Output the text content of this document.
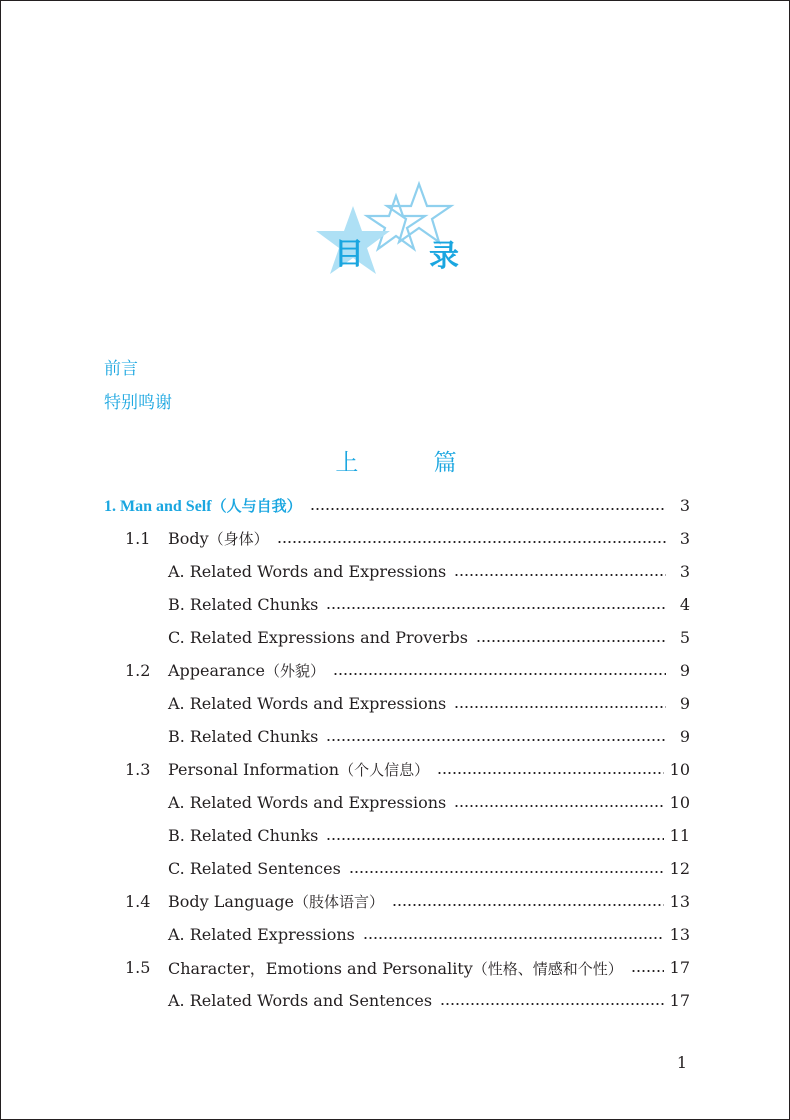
目 录
前言
特别鸣谢
上 篇
1. Man and Self（人与自我）	3
1.1	Body（身体）	3
A. Related Words and Expressions	3
B. Related Chunks	4
C. Related Expressions and Proverbs	5
1.2	Appearance（外貌）	9
A. Related Words and Expressions	9
B. Related Chunks	9
1.3	Personal Information（个人信息）	10
A. Related Words and Expressions	10
B. Related Chunks	11
C. Related Sentences	12
1.4	Body Language（肢体语言）	13
A. Related Expressions	13
1.5	Character，Emotions and Personality（性格、情感和个性）	17
A. Related Words and Sentences	17
1
